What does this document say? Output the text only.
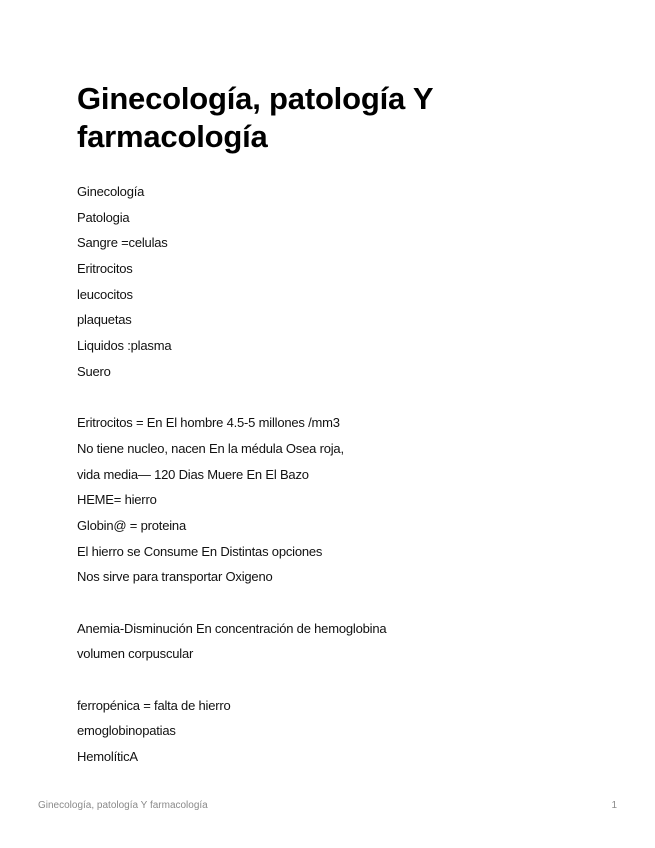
Ginecología, patología Y farmacología
Ginecología
Patologia
Sangre =celulas
Eritrocitos
leucocitos
plaquetas
Liquidos :plasma
Suero
Eritrocitos = En El hombre 4.5-5 millones /mm3
No tiene nucleo, nacen En la médula Osea roja,
vida media— 120 Dias Muere En El Bazo
HEME= hierro
Globin@ = proteina
El hierro se Consume En Distintas opciones
Nos sirve para transportar Oxigeno
Anemia-Disminución En concentración de hemoglobina
volumen corpuscular
ferropénica = falta de hierro
emoglobinopatias
HemolíticA
Ginecología, patología Y farmacología	1
